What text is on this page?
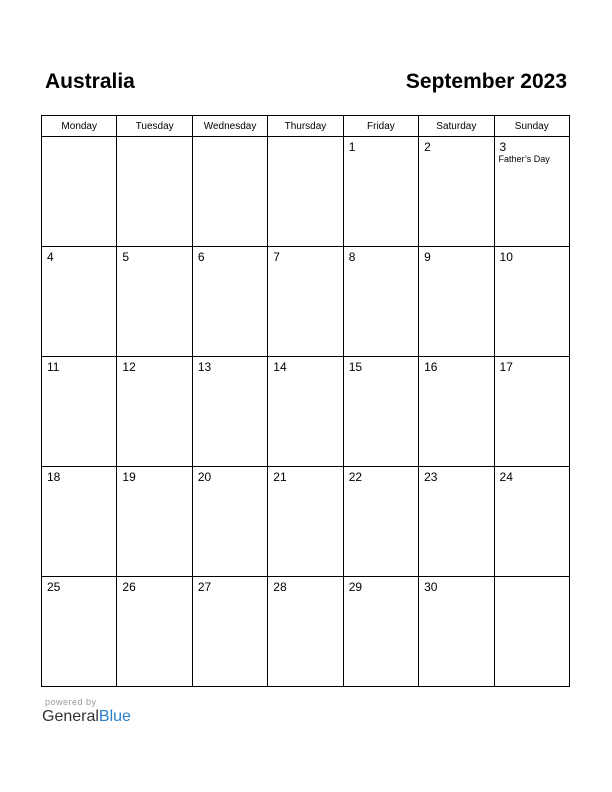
Australia	September 2023
Monday	Tuesday	Wednesday	Thursday	Friday	Saturday	Sunday

				1	2	3
Father’s Day

4	5	6	7	8	9	10

11	12	13	14	15	16	17

18	19	20	21	22	23	24

25	26	27	28	29	30	

powered by
GeneralBlue
